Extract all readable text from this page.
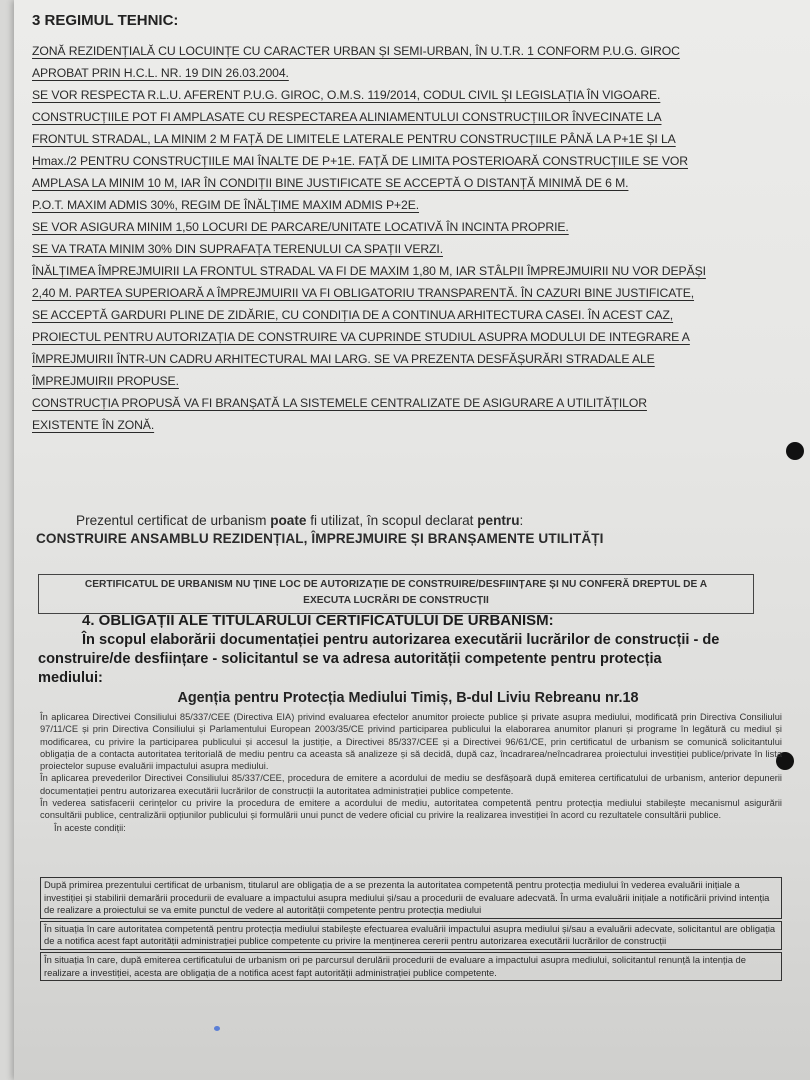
3 REGIMUL TEHNIC:

ZONĂ REZIDENȚIALĂ CU LOCUINȚE CU CARACTER URBAN ȘI SEMI-URBAN, ÎN U.T.R. 1 CONFORM P.U.G. GIROC

APROBAT PRIN H.C.L. NR. 19 DIN 26.03.2004.

SE VOR RESPECTA R.L.U. AFERENT P.U.G. GIROC, O.M.S. 119/2014, CODUL CIVIL ȘI LEGISLAȚIA ÎN VIGOARE.

CONSTRUCȚIILE POT FI AMPLASATE CU RESPECTAREA ALINIAMENTULUI CONSTRUCȚIILOR ÎNVECINATE LA

FRONTUL STRADAL, LA MINIM 2 M FAȚĂ DE LIMITELE LATERALE PENTRU CONSTRUCȚIILE PÂNĂ LA P+1E ȘI LA

Hmax./2 PENTRU CONSTRUCȚIILE MAI ÎNALTE DE P+1E. FAȚĂ DE LIMITA POSTERIOARĂ CONSTRUCȚIILE SE VOR

AMPLASA LA MINIM 10 M, IAR ÎN CONDIȚII BINE JUSTIFICATE SE ACCEPTĂ O DISTANȚĂ MINIMĂ DE 6 M.

P.O.T. MAXIM ADMIS 30%, REGIM DE ÎNĂLȚIME MAXIM ADMIS P+2E.

SE VOR ASIGURA MINIM 1,50 LOCURI DE PARCARE/UNITATE LOCATIVĂ ÎN INCINTA PROPRIE.

SE VA TRATA MINIM 30% DIN SUPRAFAȚA TERENULUI CA SPAȚII VERZI.

ÎNĂLȚIMEA ÎMPREJMUIRII LA FRONTUL STRADAL VA FI DE MAXIM 1,80 M, IAR STÂLPII ÎMPREJMUIRII NU VOR DEPĂȘI

2,40 M. PARTEA SUPERIOARĂ A ÎMPREJMUIRII VA FI OBLIGATORIU TRANSPARENTĂ. ÎN CAZURI BINE JUSTIFICATE,

SE ACCEPTĂ GARDURI PLINE DE ZIDĂRIE, CU CONDIȚIA DE A CONTINUA ARHITECTURA CASEI. ÎN ACEST CAZ,

PROIECTUL PENTRU AUTORIZAȚIA DE CONSTRUIRE VA CUPRINDE STUDIUL ASUPRA MODULUI DE INTEGRARE A

ÎMPREJMUIRII ÎNTR-UN CADRU ARHITECTURAL MAI LARG. SE VA PREZENTA DESFĂȘURĂRI STRADALE ALE

ÎMPREJMUIRII PROPUSE.

CONSTRUCȚIA PROPUSĂ VA FI BRANȘATĂ LA SISTEMELE CENTRALIZATE DE ASIGURARE A UTILITĂȚILOR

EXISTENTE ÎN ZONĂ.

Prezentul certificat de urbanism poate fi utilizat, în scopul declarat pentru:
CONSTRUIRE ANSAMBLU REZIDENȚIAL, ÎMPREJMUIRE ȘI BRANȘAMENTE UTILITĂȚI
CERTIFICATUL DE URBANISM NU ȚINE LOC DE AUTORIZAȚIE DE CONSTRUIRE/DESFIINȚARE ȘI NU CONFERĂ DREPTUL DE A
EXECUTA LUCRĂRI DE CONSTRUCȚII
4. OBLIGAȚII ALE TITULARULUI CERTIFICATULUI DE URBANISM:
În scopul elaborării documentației pentru autorizarea executării lucrărilor de construcții - de
construire/de desființare - solicitantul se va adresa autorității competente pentru protecția
mediului:
Agenția pentru Protecția Mediului Timiș, B-dul Liviu Rebreanu nr.18

În aplicarea Directivei Consiliului 85/337/CEE (Directiva EIA) privind evaluarea efectelor anumitor proiecte publice și private asupra mediului, modificată prin Directiva Consiliului 97/11/CE și prin Directiva Consiliului și Parlamentului European 2003/35/CE privind participarea publicului la elaborarea anumitor planuri și programe în legătură cu mediul și modificarea, cu privire la participarea publicului și accesul la justiție, a Directivei 85/337/CEE și a Directivei 96/61/CE, prin certificatul de urbanism se comunică solicitantului obligația de a contacta autoritatea teritorială de mediu pentru ca aceasta să analizeze și să decidă, după caz, încadrarea/neîncadrarea proiectului investiției publice/private în lista proiectelor supuse evaluării impactului asupra mediului.

În aplicarea prevederilor Directivei Consiliului 85/337/CEE, procedura de emitere a acordului de mediu se desfășoară după emiterea certificatului de urbanism, anterior depunerii documentației pentru autorizarea executării lucrărilor de construcții la autoritatea administrației publice competente.

În vederea satisfacerii cerințelor cu privire la procedura de emitere a acordului de mediu, autoritatea competentă pentru protecția mediului stabilește mecanismul asigurării consultării publice, centralizării opțiunilor publicului și formulării unui punct de vedere oficial cu privire la realizarea investiției în acord cu rezultatele consultării publice.

În aceste condiții:

După primirea prezentului certificat de urbanism, titularul are obligația de a se prezenta la autoritatea competentă pentru protecția mediului în vederea evaluării inițiale a investiției și stabilirii demarării procedurii de evaluare a impactului asupra mediului și/sau a procedurii de evaluare adecvată. În urma evaluării inițiale a notificării privind intenția de realizare a proiectului se va emite punctul de vedere al autorității competente pentru protecția mediului
În situația în care autoritatea competentă pentru protecția mediului stabilește efectuarea evaluării impactului asupra mediului și/sau a evaluării adecvate, solicitantul are obligația de a notifica acest fapt autorității administrației publice competente cu privire la menținerea cererii pentru autorizarea executării lucrărilor de construcții
În situația în care, după emiterea certificatului de urbanism ori pe parcursul derulării procedurii de evaluare a impactului asupra mediului, solicitantul renunță la intenția de realizare a investiției, acesta are obligația de a notifica acest fapt autorității administrației publice competente.
